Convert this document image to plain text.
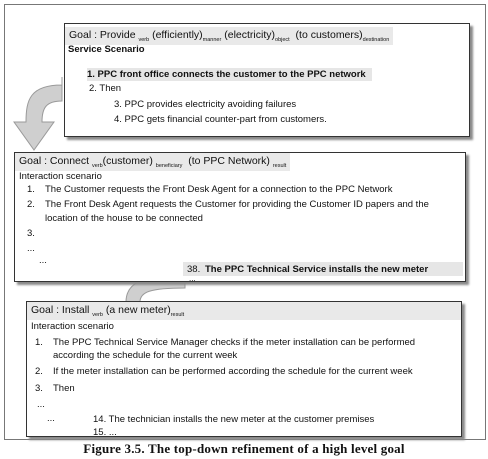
Goal : Provide $_{verb}$ $(efficiently)_{manner}$ $(electricity)_{object}$ (to $customers)_{destination}$
Service Scenario
1. PPC front office connects the customer to the PPC network
2. Then
3. PPC provides electricity avoiding failures
4. PPC gets financial counter-part from customers.
Goal : Connect $_{verb}$(customer) $_{beneficiary}$ (to PPC Network) $_{result}$
Interaction scenario
1. The Customer requests the Front Desk Agent for a connection to the PPC Network
2. The Front Desk Agent requests the Customer for providing the Customer ID papers and the
location of the house to be connected
3.
...
...
38. The PPC Technical Service installs the new meter
...
Goal : Install $_{verb}$ (a new $meter)_{result}$
Interaction scenario
1. The PPC Technical Service Manager checks if the meter installation can be performed
according the schedule for the current week
2. If the meter installation can be performed according the schedule for the current week
3. Then
...
...	14. The technician installs the new meter at the customer premises
15. ...
Figure 3.5. The top-down refinement of a high level goal
